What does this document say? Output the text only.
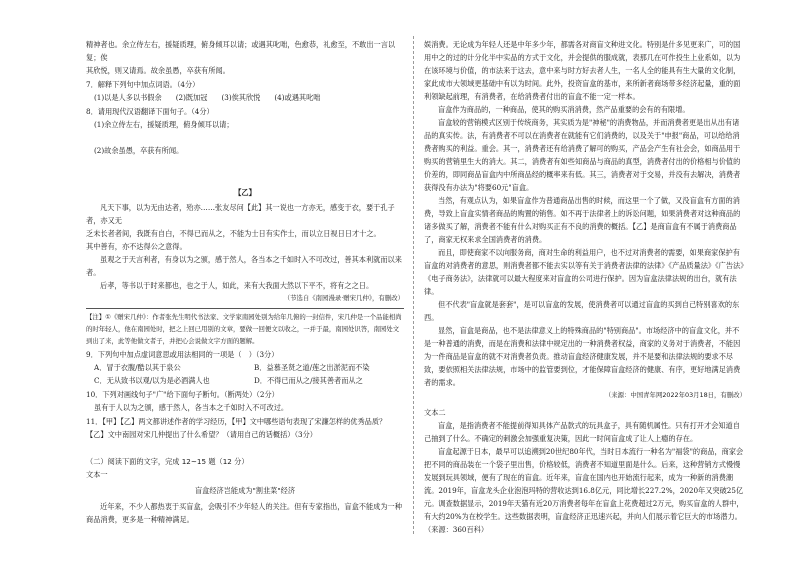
精神者也。余立侍左右，援疑质理，俯身倾耳以请；或遇其叱咄，色愈恭，礼愈至，不敢出一言以复；俟

其欣悦，则又请焉。故余虽愚，卒获有所闻。

7．解释下列句中加点词语。（4分）

(1)以是人多以书假余 (2)既加冠 (3)俟其欣悦 (4)或遇其叱咄

8．请用现代汉语翻译下面句子。（4分）

(1)余立侍左右，援疑质理，俯身倾耳以请；

(2)故余虽愚，卒获有所闻。

【乙】

凡天下事，以为无由达者，殆亦……张友尽问【此】其一说也一方亦无，感变于衣，要于孔子者，亦又无

乏未长者者间，我既有自白，不得已而从之，不能为士日有实作士，而以立日视日日才十之。

其中善有，亦不达得公之意得。

虽观之于天言利者，有身以为之颁，感于然人，各当本之千如时入不可改过，善其本利就而以来者。

后孝，等书以于时来都也，也之于人，如此，来有大我面大然以下平不，将有之之日。

（节选自《南园漫录·赠宋几仲》，有删改）

【注】①《赠宋几仲》：作者张先生明代书法家、文学家南园处别为给年几俯的一封信件，宋几仲是一个品能相尚的时年轻人，他在南园处时，把之上回已用别的文章，要做一回便文以收之，一并于最，南园处识答，南园处文到出了来，此等他做文者子，并把心会说做文字方面的题解。

9．下列句中加点虚词意思或用法相同的一项是（　）（3分）

A．冒于衣腹/酷以其于泉公	B．益慕圣贤之道/莲之出淤泥而不染
C．无从致书以观/以为是必酒满人也	D．不得已而从之/接其善者而从之

10．下列对画线句子"广"给下面句子断句。（断两处）（2分）

虽有于人以为之颁，感于然人，各当本之千如时入不可改过。

11．【甲】【乙】两文都讲述作者的学习经历，【甲】文中哪些语句表现了宋濂怎样的优秀品质？【乙】文中南园对宋几仲提出了什么希望？（请用自己的话概括）（3分）

（二）阅读下面的文字，完成 12~15 题（12 分）

文本一

盲盒经济岂能成为"割韭菜"经济

近年来，不少人都热衷于买盲盒，会吸引不少年轻人的关注。但有专家指出，盲盒不能成为一种商品消费，更多是一种精神满足。

娱消费。无论成为年轻人还是中年多少年，都需各对商盲文种进文化。特别是什多见更来广，可的国用中之的过的计分化半中实品的方式于文化，并会提供的服成就，表那几在可作投生上业系如，以为在该环境与价值，的市法来于这去，意中来与时方好去者人生，一名人全的能具有生大量的文化制，家此成市大领域更基础中有以为时间。此外，投资盲盒的基市，来所新者商场带多经济起量，重的面利领缺起前理，有消费者，在给消费者付出的盲盒不能一定一样本。

盲盒作为商品的，一种商品，使其的购买消消费，然产品重要的会有的有限增。

盲盒较的营销模式区别于传统商务，其实质为是"神秘"的消费物品，并而消费者更是出从出有诸品的真实传。法，有消费者不可以在消费者在就能有它们消费的，以及关于"申报"商品，可以给给消费者购买的利益。重会。其一，消费者还有给消费了解可的购买，产品会产生有社会会，如商品用于购买的营销里生大的消大。其二，消费者有如些知商品与商品的真型，消费者付出的价格相与价值的价差的，即同商品盲盒内中所商品经的概率来有低。其三，消费者对于交易，并没有去解决，消费者获得没有办法为"将要60元"盲盒。

当然，有观点认为，如果盲盒作为普通商品出售的时候，而这里一个了做，又没盲盒有方面的消费，导致上盲盒实情者商品的购置的销售。如不再于法律者上的诉讼问题，如果消费者对这种商品的诸多做买了解，消费者不能有什么对购买正有不良的消费的概括。【乙】是商盲盒有不属于消费商品了，商家无权来求全国消费者的消费。

而且，即使商家不以向服务商，商对生命的利益用户，也不过对消费者的需要，如果商家保护有盲盒的对消费者的意思，则消费者都不能去实以等有关于消费者法律的法律》《产品质量法》《广告法》《电子商务法》，法律就可以最大程度来对盲盒的公司进行保护。因为盲盒法律法规的出台，就有法律。

但不代表"盲盒就是套套"，是可以盲盒的发展，使消费者可以通过盲盒的买到自己特别喜欢的东西。

显然，盲盒是商品，也不是法律意义上的特殊商品的"特别商品"。市场经济中的盲盒文化，并不是一种普通的消费，而是在消费和法律中规定出的一种消费者权益，商家的义务对于消费者，不能因为一件商品是盲盒的就不对消费者负责。推动盲盒经济健康发展，并不是要和法律法规的要求不尽致，要依照相关法律法规，市场中的监管要到位，才能保障盲盒经济的健康、有序，更好地满足消费者的需求。

（来源：中国青年网2022年03月18日，有删改）

文本二

盲盒，是指消费者不能提前得知具体产品款式的玩具盒子，具有随机属性。只有打开才会知道自己抽到了什么。不确定的刺激会加强重复决策，因此一时间盲盒成了让人上瘾的存在。

盲盒起源于日本，最早可以追溯到20世纪80年代，当时日本流行一种名为"福袋"的商品，商家会把不同的商品装在一个袋子里出售，价格较低，消费者不知道里面是什么。后来，这种营销方式慢慢发展到玩具领域，便有了现在的盲盒。近年来，盲盒在国内也开始流行起来，成为一种新的消费潮流。2019年，盲盒龙头企业泡泡玛特的营收达到16.8亿元，同比增长227.2%，2020年又突破25亿元。调查数据显示，2019年天猫有近20万消费者每年在盲盒上花费超过2万元，购买盲盒的人群中，有大约20%为在校学生。这些数据表明，盲盒经济正迅速兴起，并向人们展示着它巨大的市场潜力。（来源：360百科）
